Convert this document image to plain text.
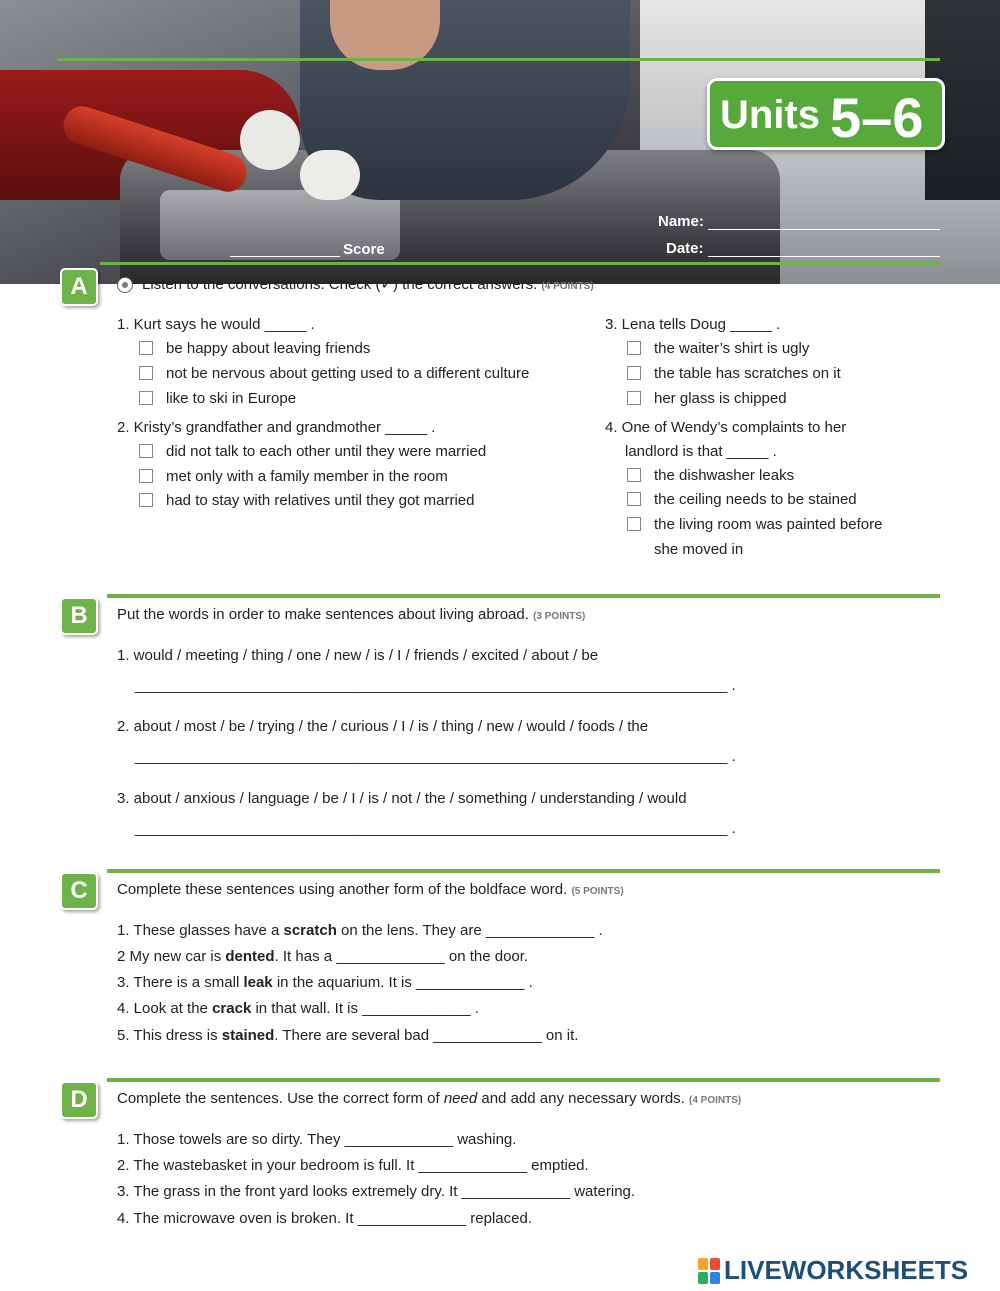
Units 5–6
Name:
Date:
Score
A	Listen to the conversations. Check (✓) the correct answers. (4 POINTS)
1. Kurt says he would _____ .
be happy about leaving friends
not be nervous about getting used to a different culture
like to ski in Europe
2. Kristy’s grandfather and grandmother _____ .
did not talk to each other until they were married
met only with a family member in the room
had to stay with relatives until they got married
3. Lena tells Doug _____ .
the waiter’s shirt is ugly
the table has scratches on it
her glass is chipped
4. One of Wendy’s complaints to her
landlord is that _____ .
the dishwasher leaks
the ceiling needs to be stained
the living room was painted before
she moved in
B	Put the words in order to make sentences about living abroad. (3 POINTS)
1. would / meeting / thing / one / new / is / I / friends / excited / about / be
_______________________________________________________________________ .
2. about / most / be / trying / the / curious / I / is / thing / new / would / foods / the
_______________________________________________________________________ .
3. about / anxious / language / be / I / is / not / the / something / understanding / would
_______________________________________________________________________ .
C	Complete these sentences using another form of the boldface word. (5 POINTS)
1. These glasses have a scratch on the lens. They are _____________ .
2 My new car is dented. It has a _____________ on the door.
3. There is a small leak in the aquarium. It is _____________ .
4. Look at the crack in that wall. It is _____________ .
5. This dress is stained. There are several bad _____________ on it.
D	Complete the sentences. Use the correct form of need and add any necessary words. (4 POINTS)
1. Those towels are so dirty. They _____________ washing.
2. The wastebasket in your bedroom is full. It _____________ emptied.
3. The grass in the front yard looks extremely dry. It _____________ watering.
4. The microwave oven is broken. It _____________ replaced.
LIVEWORKSHEETS
